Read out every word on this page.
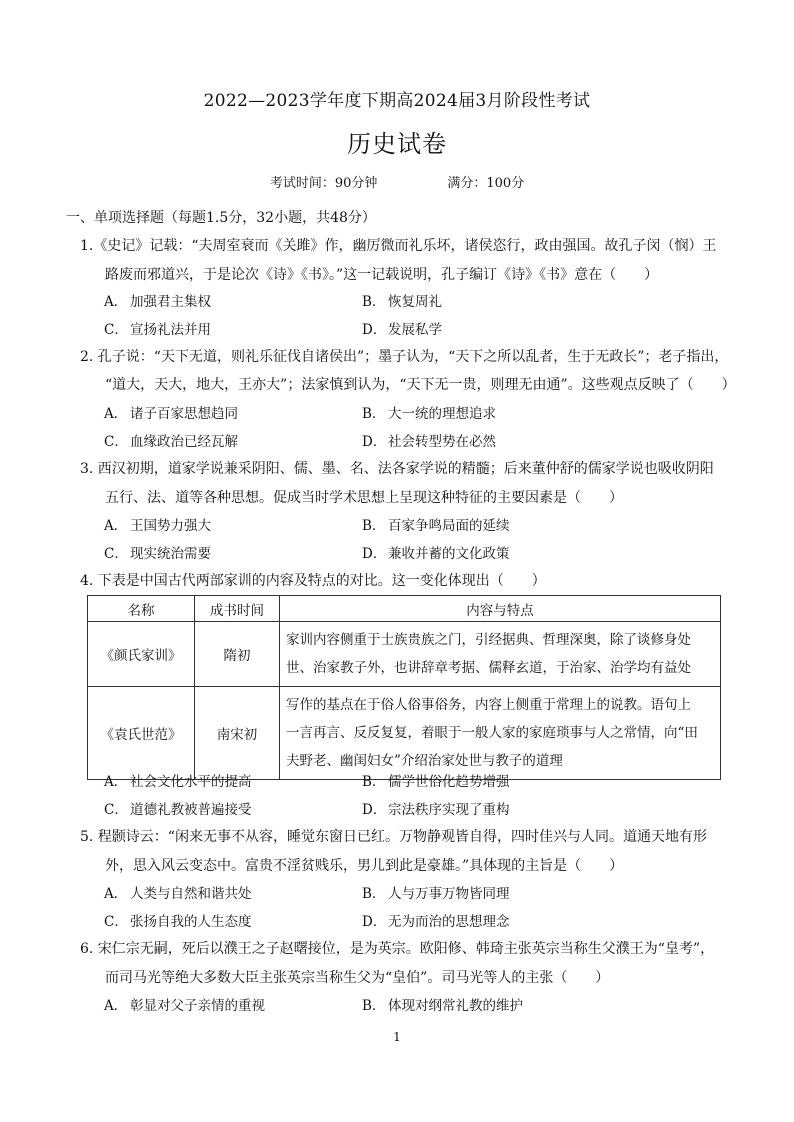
2022—2023学年度下期高2024届3月阶段性考试
历史试卷
考试时间：90分钟	满分：100分
一、单项选择题（每题1.5分，32小题，共48分）
1.《史记》记载：“夫周室衰而《关雎》作，幽厉微而礼乐坏，诸侯恣行，政由强国。故孔子闵（悯）王
路废而邪道兴，于是论次《诗》《书》。”这一记载说明，孔子编订《诗》《书》意在（　　）
A． 加强君主集权	B． 恢复周礼
C． 宣扬礼法并用	D． 发展私学
2. 孔子说：“天下无道，则礼乐征伐自诸侯出”；墨子认为，“天下之所以乱者，生于无政长”；老子指出，
“道大，天大，地大，王亦大”；法家慎到认为，“天下无一贵，则理无由通”。这些观点反映了（　　）
A． 诸子百家思想趋同	B． 大一统的理想追求
C． 血缘政治已经瓦解	D． 社会转型势在必然
3. 西汉初期，道家学说兼采阴阳、儒、墨、名、法各家学说的精髓；后来董仲舒的儒家学说也吸收阴阳
五行、法、道等各种思想。促成当时学术思想上呈现这种特征的主要因素是（　　）
A． 王国势力强大	B． 百家争鸣局面的延续
C． 现实统治需要	D． 兼收并蓄的文化政策
4. 下表是中国古代两部家训的内容及特点的对比。这一变化体现出（　　）
名称	成书时间	内容与特点
《颜氏家训》	隋初	家训内容侧重于士族贵族之门，引经据典、哲理深奥，除了谈修身处
世、治家教子外，也讲辞章考据、儒释玄道，于治家、治学均有益处

《袁氏世范》	南宋初	写作的基点在于俗人俗事俗务，内容上侧重于常理上的说教。语句上
一言再言、反反复复，着眼于一般人家的家庭琐事与人之常情，向“田
夫野老、幽闺妇女”介绍治家处世与教子的道理
A． 社会文化水平的提高	B． 儒学世俗化趋势增强
C． 道德礼教被普遍接受	D． 宗法秩序实现了重构
5. 程颢诗云：“闲来无事不从容，睡觉东窗日已红。万物静观皆自得，四时佳兴与人同。道通天地有形
外，思入风云变态中。富贵不淫贫贱乐，男儿到此是豪雄。”具体现的主旨是（　　）
A． 人类与自然和谐共处	B． 人与万事万物皆同理
C． 张扬自我的人生态度	D． 无为而治的思想理念
6. 宋仁宗无嗣，死后以濮王之子赵曙接位，是为英宗。欧阳修、韩琦主张英宗当称生父濮王为“皇考”，
而司马光等绝大多数大臣主张英宗当称生父为“皇伯”。司马光等人的主张（　　）
A． 彰显对父子亲情的重视	B． 体现对纲常礼教的维护
1
